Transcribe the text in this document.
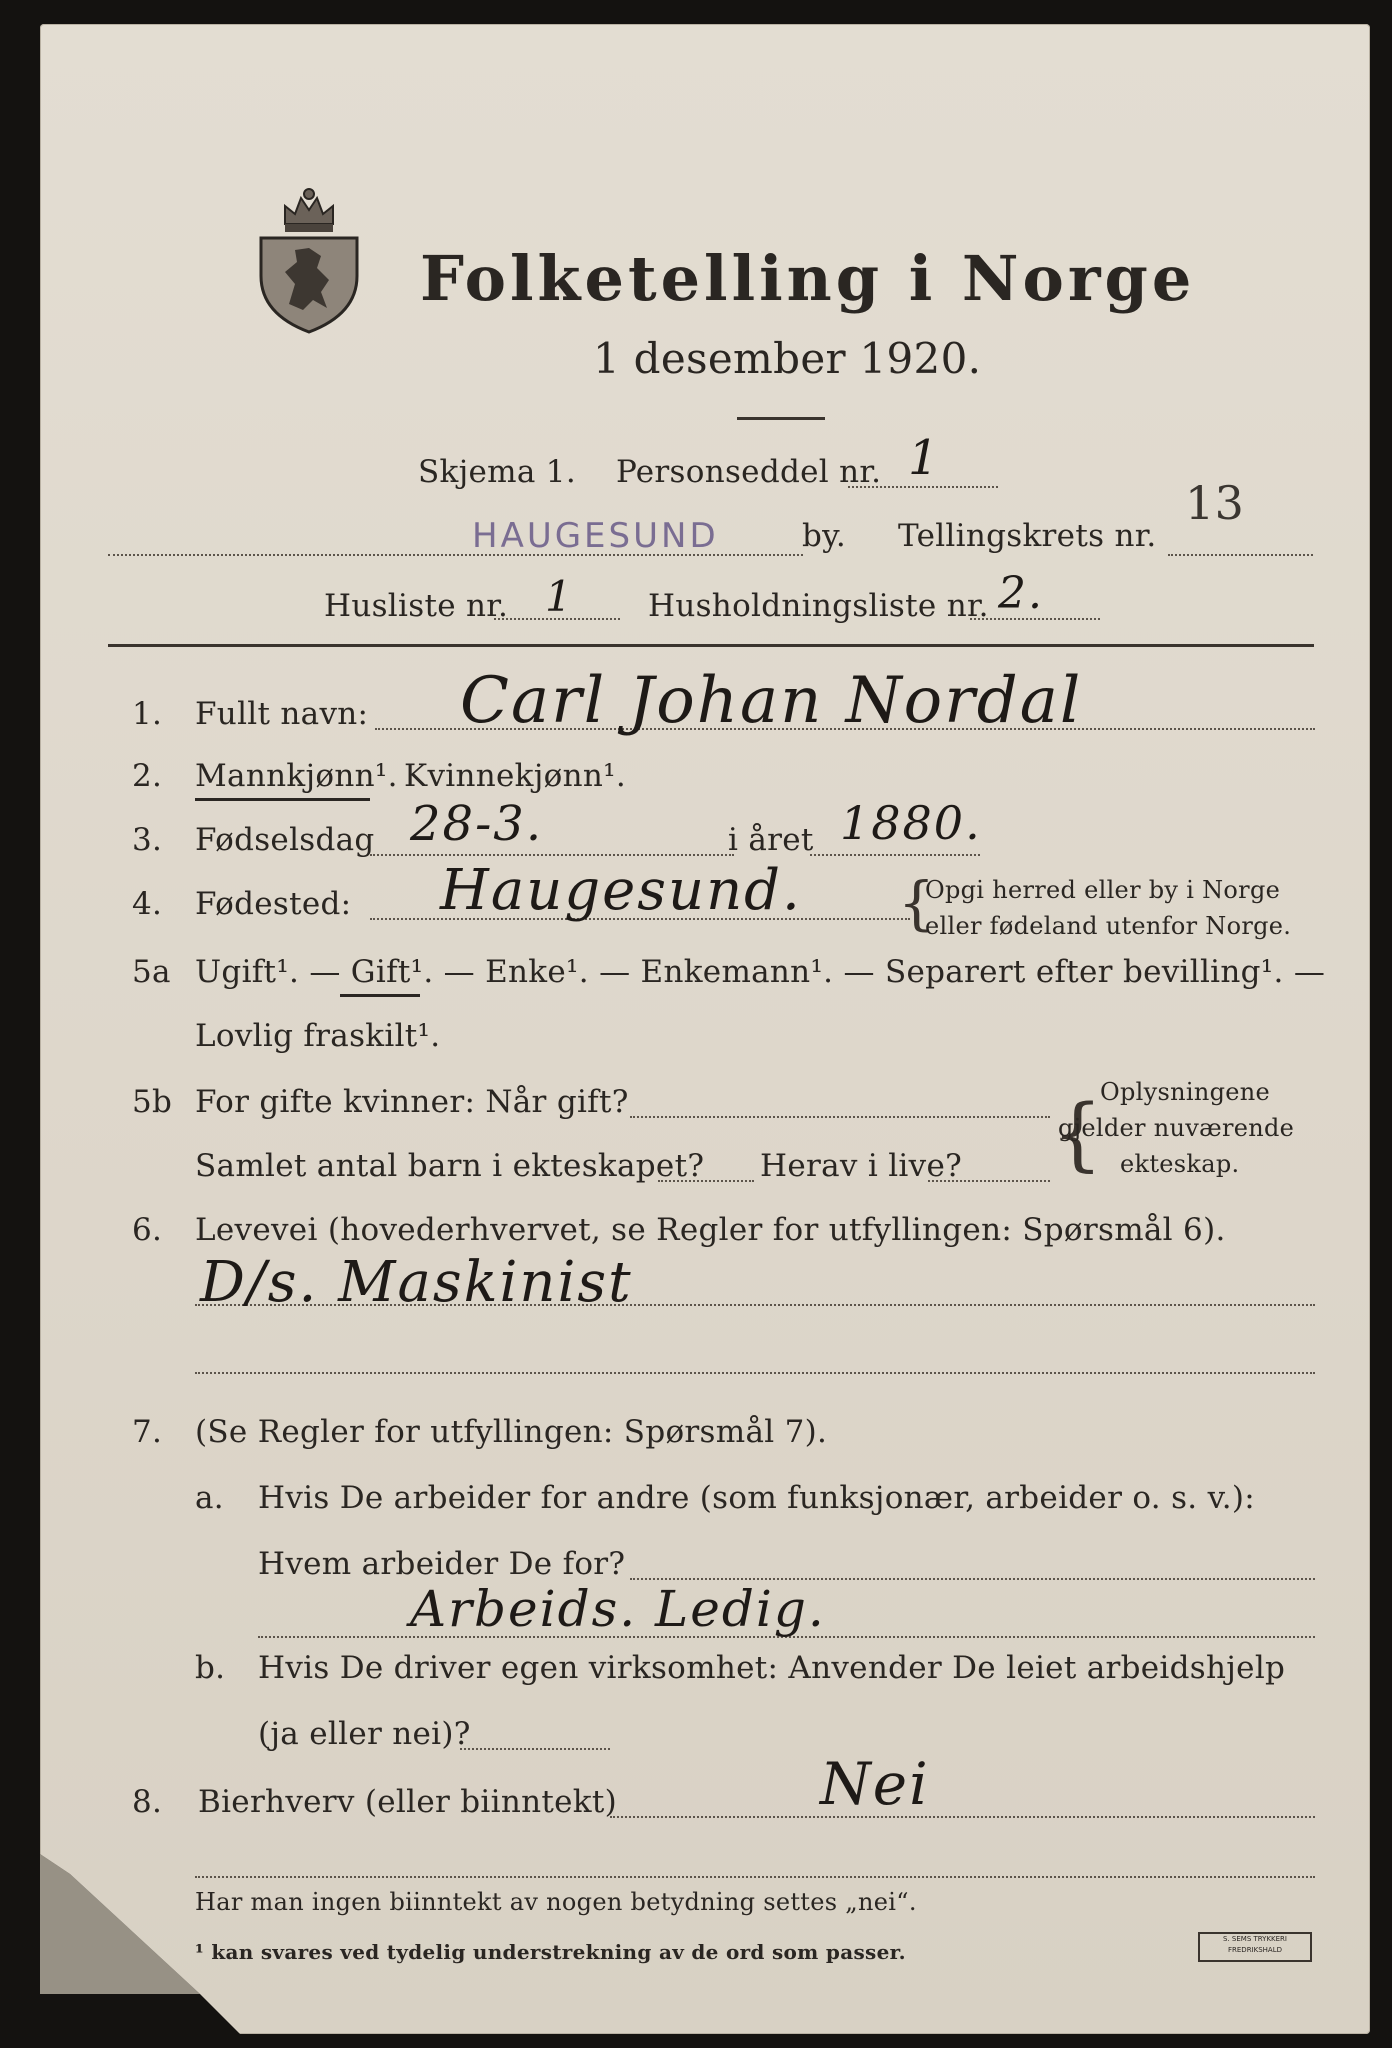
Folketelling i Norge
1 desember 1920.
Skjema 1. Personseddel nr. 1
13
HAUGESUND	by. Tellingskrets nr.
Husliste nr. 1 Husholdningsliste nr. 2.
1. Fullt navn: Carl Johan Nordal
2. Mannkjønn¹. Kvinnekjønn¹.
3. Fødselsdag 28-3.	i året 1880.
4. Fødested: Haugesund. {
Opgi herred eller by i Norge
eller fødeland utenfor Norge.
5a Ugift¹. — Gift¹. — Enke¹. — Enkemann¹. — Separert efter bevilling¹. —
Lovlig fraskilt¹.
5b For gifte kvinner: Når gift?
Samlet antal barn i ekteskapet? Herav i live? {
Oplysningene
gjelder nuværende
ekteskap.
6. Levevei (hovederhvervet, se Regler for utfyllingen: Spørsmål 6).
D/s. Maskinist
7. (Se Regler for utfyllingen: Spørsmål 7).
a. Hvis De arbeider for andre (som funksjonær, arbeider o. s. v.):
Hvem arbeider De for?
Arbeids. Ledig.
b. Hvis De driver egen virksomhet: Anvender De leiet arbeidshjelp
(ja eller nei)?
8. Bierhverv (eller biinntekt)	Nei
Har man ingen biinntekt av nogen betydning settes „nei“.
¹ kan svares ved tydelig understrekning av de ord som passer.
S. SEMS TRYKKERI
FREDRIKSHALD
